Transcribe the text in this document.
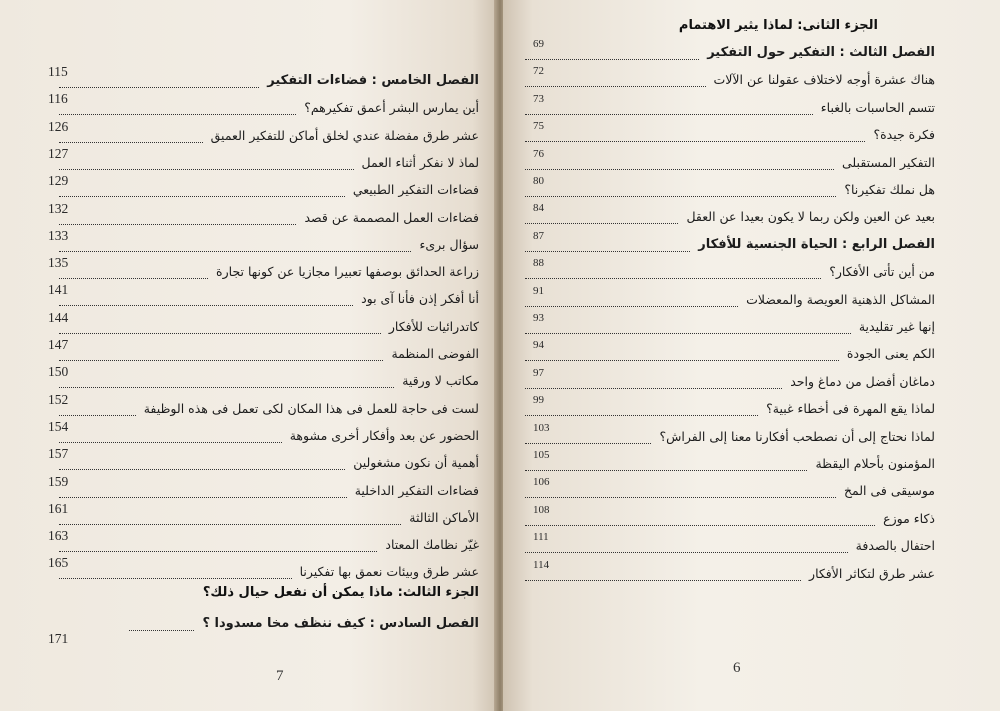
الفصل الخامس : فضاءات التفكير
115
أين يمارس البشر أعمق تفكيرهم؟
116
عشر طرق مفضلة عندي لخلق أماكن للتفكير العميق
126
لماذ لا نفكر أثناء العمل
127
فضاءات التفكير الطبيعي
129
فضاءات العمل المصممة عن قصد
132
سؤال برىء
133
زراعة الحدائق بوصفها تعبيرا مجازيا عن كونها تجارة
135
أنا أفكر إذن فأنا آى بود
141
كاتدرائيات للأفكار
144
الفوضى المنظمة
147
مكاتب لا ورقية
150
لست فى حاجة للعمل فى هذا المكان لكى تعمل فى هذه الوظيفة
152
الحضور عن بعد وأفكار أخرى مشوهة
154
أهمية أن نكون مشغولين
157
فضاءات التفكير الداخلية
159
الأماكن الثالثة
161
غيّر نظامك المعتاد
163
عشر طرق وبيئات نعمق بها تفكيرنا
165
الجزء الثالث: ماذا يمكن أن نفعل حيال ذلك؟
الفصل السادس : كيف ننظف مخا مسدودا ؟
171
7
الجزء الثانى: لماذا يثير الاهتمام
الفصل الثالث : التفكير حول التفكير
69
هناك عشرة أوجه لاختلاف عقولنا عن الآلات
72
تتسم الحاسبات بالغباء
73
فكرة جيدة؟
75
التفكير المستقبلى
76
هل نملك تفكيرنا؟
80
بعيد عن العين ولكن ربما لا يكون بعيدا عن العقل
84
الفصل الرابع : الحياة الجنسية للأفكار
87
من أين تأتى الأفكار؟
88
المشاكل الذهنية العويصة والمعضلات
91
إنها غير تقليدية
93
الكم يعنى الجودة
94
دماغان أفضل من دماغ واحد
97
لماذا يقع المهرة فى أخطاء غبية؟
99
لماذا نحتاج إلى أن نصطحب أفكارنا معنا إلى الفراش؟
103
المؤمنون بأحلام اليقظة
105
موسيقى فى المخ
106
ذكاء موزع
108
احتفال بالصدفة
111
عشر طرق لتكاثر الأفكار
114
6
